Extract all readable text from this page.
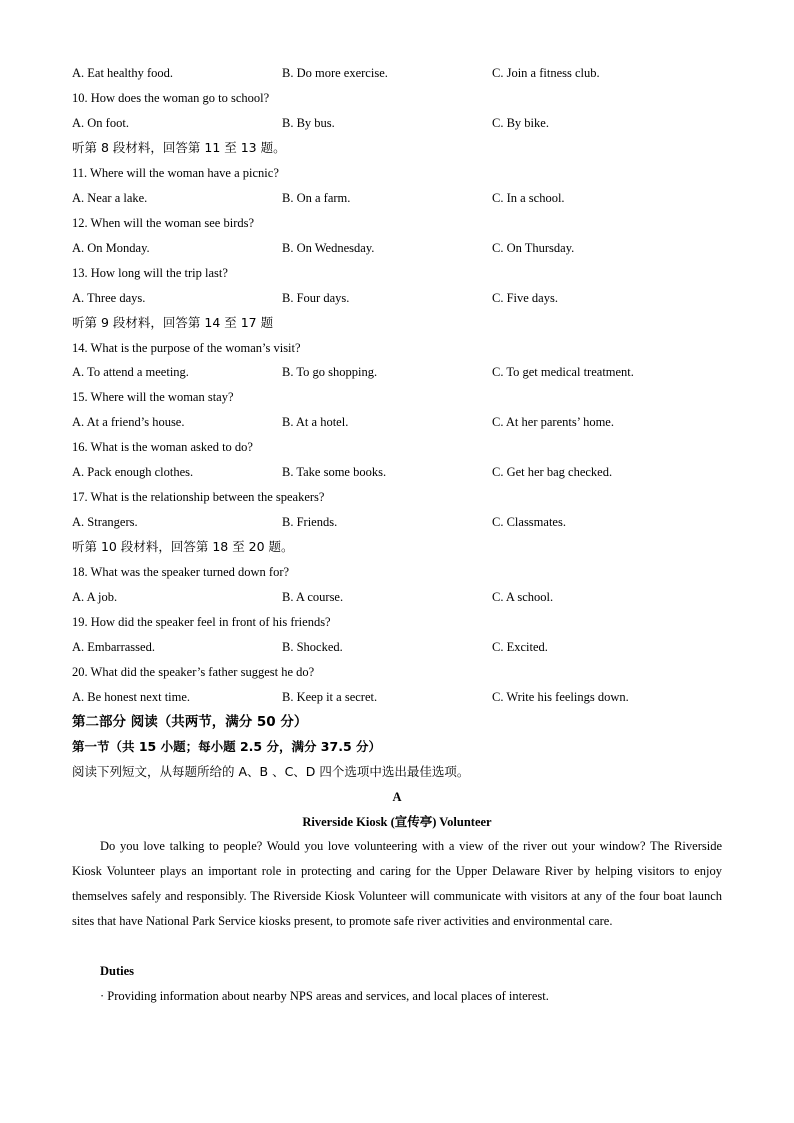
A. Eat healthy food.	B. Do more exercise.	C. Join a fitness club.
10. How does the woman go to school?
A. On foot.	B. By bus.	C. By bike.
听第 8 段材料，回答第 11 至 13 题。
11. Where will the woman have a picnic?
A. Near a lake.	B. On a farm.	C. In a school.
12. When will the woman see birds?
A. On Monday.	B. On Wednesday.	C. On Thursday.
13. How long will the trip last?
A. Three days.	B. Four days.	C. Five days.
听第 9 段材料，回答第 14 至 17 题
14. What is the purpose of the woman’s visit?
A. To attend a meeting.	B. To go shopping.	C. To get medical treatment.
15. Where will the woman stay?
A. At a friend’s house.	B. At a hotel.	C. At her parents’ home.
16. What is the woman asked to do?
A. Pack enough clothes.	B. Take some books.	C. Get her bag checked.
17. What is the relationship between the speakers?
A. Strangers.	B. Friends.	C. Classmates.
听第 10 段材料，回答第 18 至 20 题。
18. What was the speaker turned down for?
A. A job.	B. A course.	C. A school.
19. How did the speaker feel in front of his friends?
A. Embarrassed.	B. Shocked.	C. Excited.
20. What did the speaker’s father suggest he do?
A. Be honest next time.	B. Keep it a secret.	C. Write his feelings down.
第二部分 阅读（共两节，满分 50 分）
第一节（共 15 小题；每小题 2.5 分，满分 37.5 分）
阅读下列短文，从每题所给的 A、B 、C、D 四个选项中选出最佳选项。
A
Riverside Kiosk (宣传亭) Volunteer
Do you love talking to people? Would you love volunteering with a view of the river out your window? The Riverside Kiosk Volunteer plays an important role in protecting and caring for the Upper Delaware River by helping visitors to enjoy themselves safely and responsibly. The Riverside Kiosk Volunteer will communicate with visitors at any of the four boat launch sites that have National Park Service kiosks present, to promote safe river activities and environmental care.
Duties
· Providing information about nearby NPS areas and services, and local places of interest.
